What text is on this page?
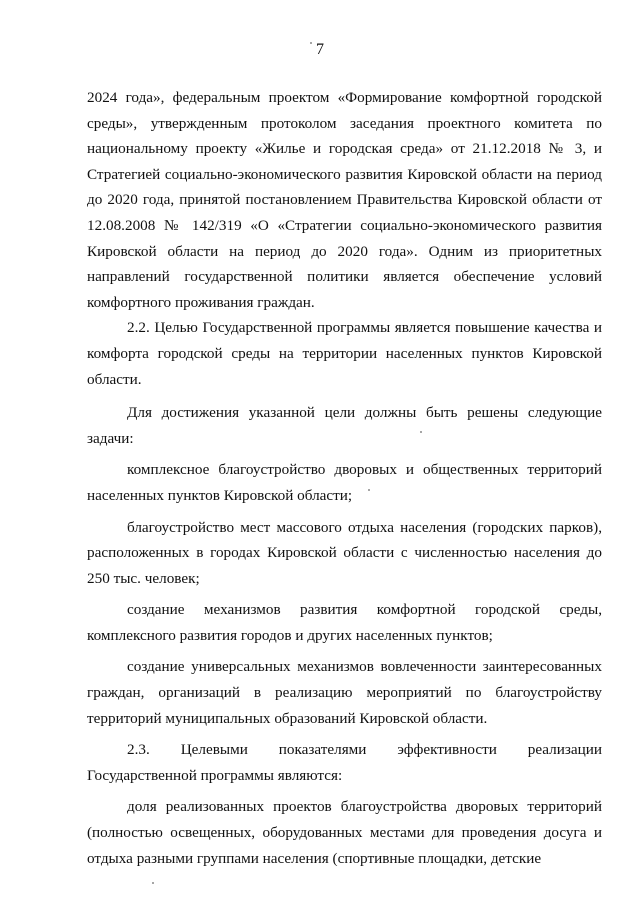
7

2024 года», федеральным проектом «Формирование комфортной городской среды», утвержденным протоколом заседания проектного комитета по национальному проекту «Жилье и городская среда» от 21.12.2018 № 3, и Стратегией социально-экономического развития Кировской области на период до 2020 года, принятой постановлением Правительства Кировской области от 12.08.2008 № 142/319 «О «Стратегии социально-экономического развития Кировской области на период до 2020 года». Одним из приоритетных направлений государственной политики является обеспечение условий комфортного проживания граждан.

2.2. Целью Государственной программы является повышение качества и комфорта городской среды на территории населенных пунктов Кировской области.

Для достижения указанной цели должны быть решены следующие задачи:

комплексное благоустройство дворовых и общественных территорий населенных пунктов Кировской области;

благоустройство мест массового отдыха населения (городских парков), расположенных в городах Кировской области с численностью населения до 250 тыс. человек;

создание механизмов развития комфортной городской среды, комплексного развития городов и других населенных пунктов;

создание универсальных механизмов вовлеченности заинтересованных граждан, организаций в реализацию мероприятий по благоустройству территорий муниципальных образований Кировской области.

2.3. Целевыми показателями эффективности реализации Государственной программы являются:

доля реализованных проектов благоустройства дворовых территорий (полностью освещенных, оборудованных местами для проведения досуга и отдыха разными группами населения (спортивные площадки, детские
